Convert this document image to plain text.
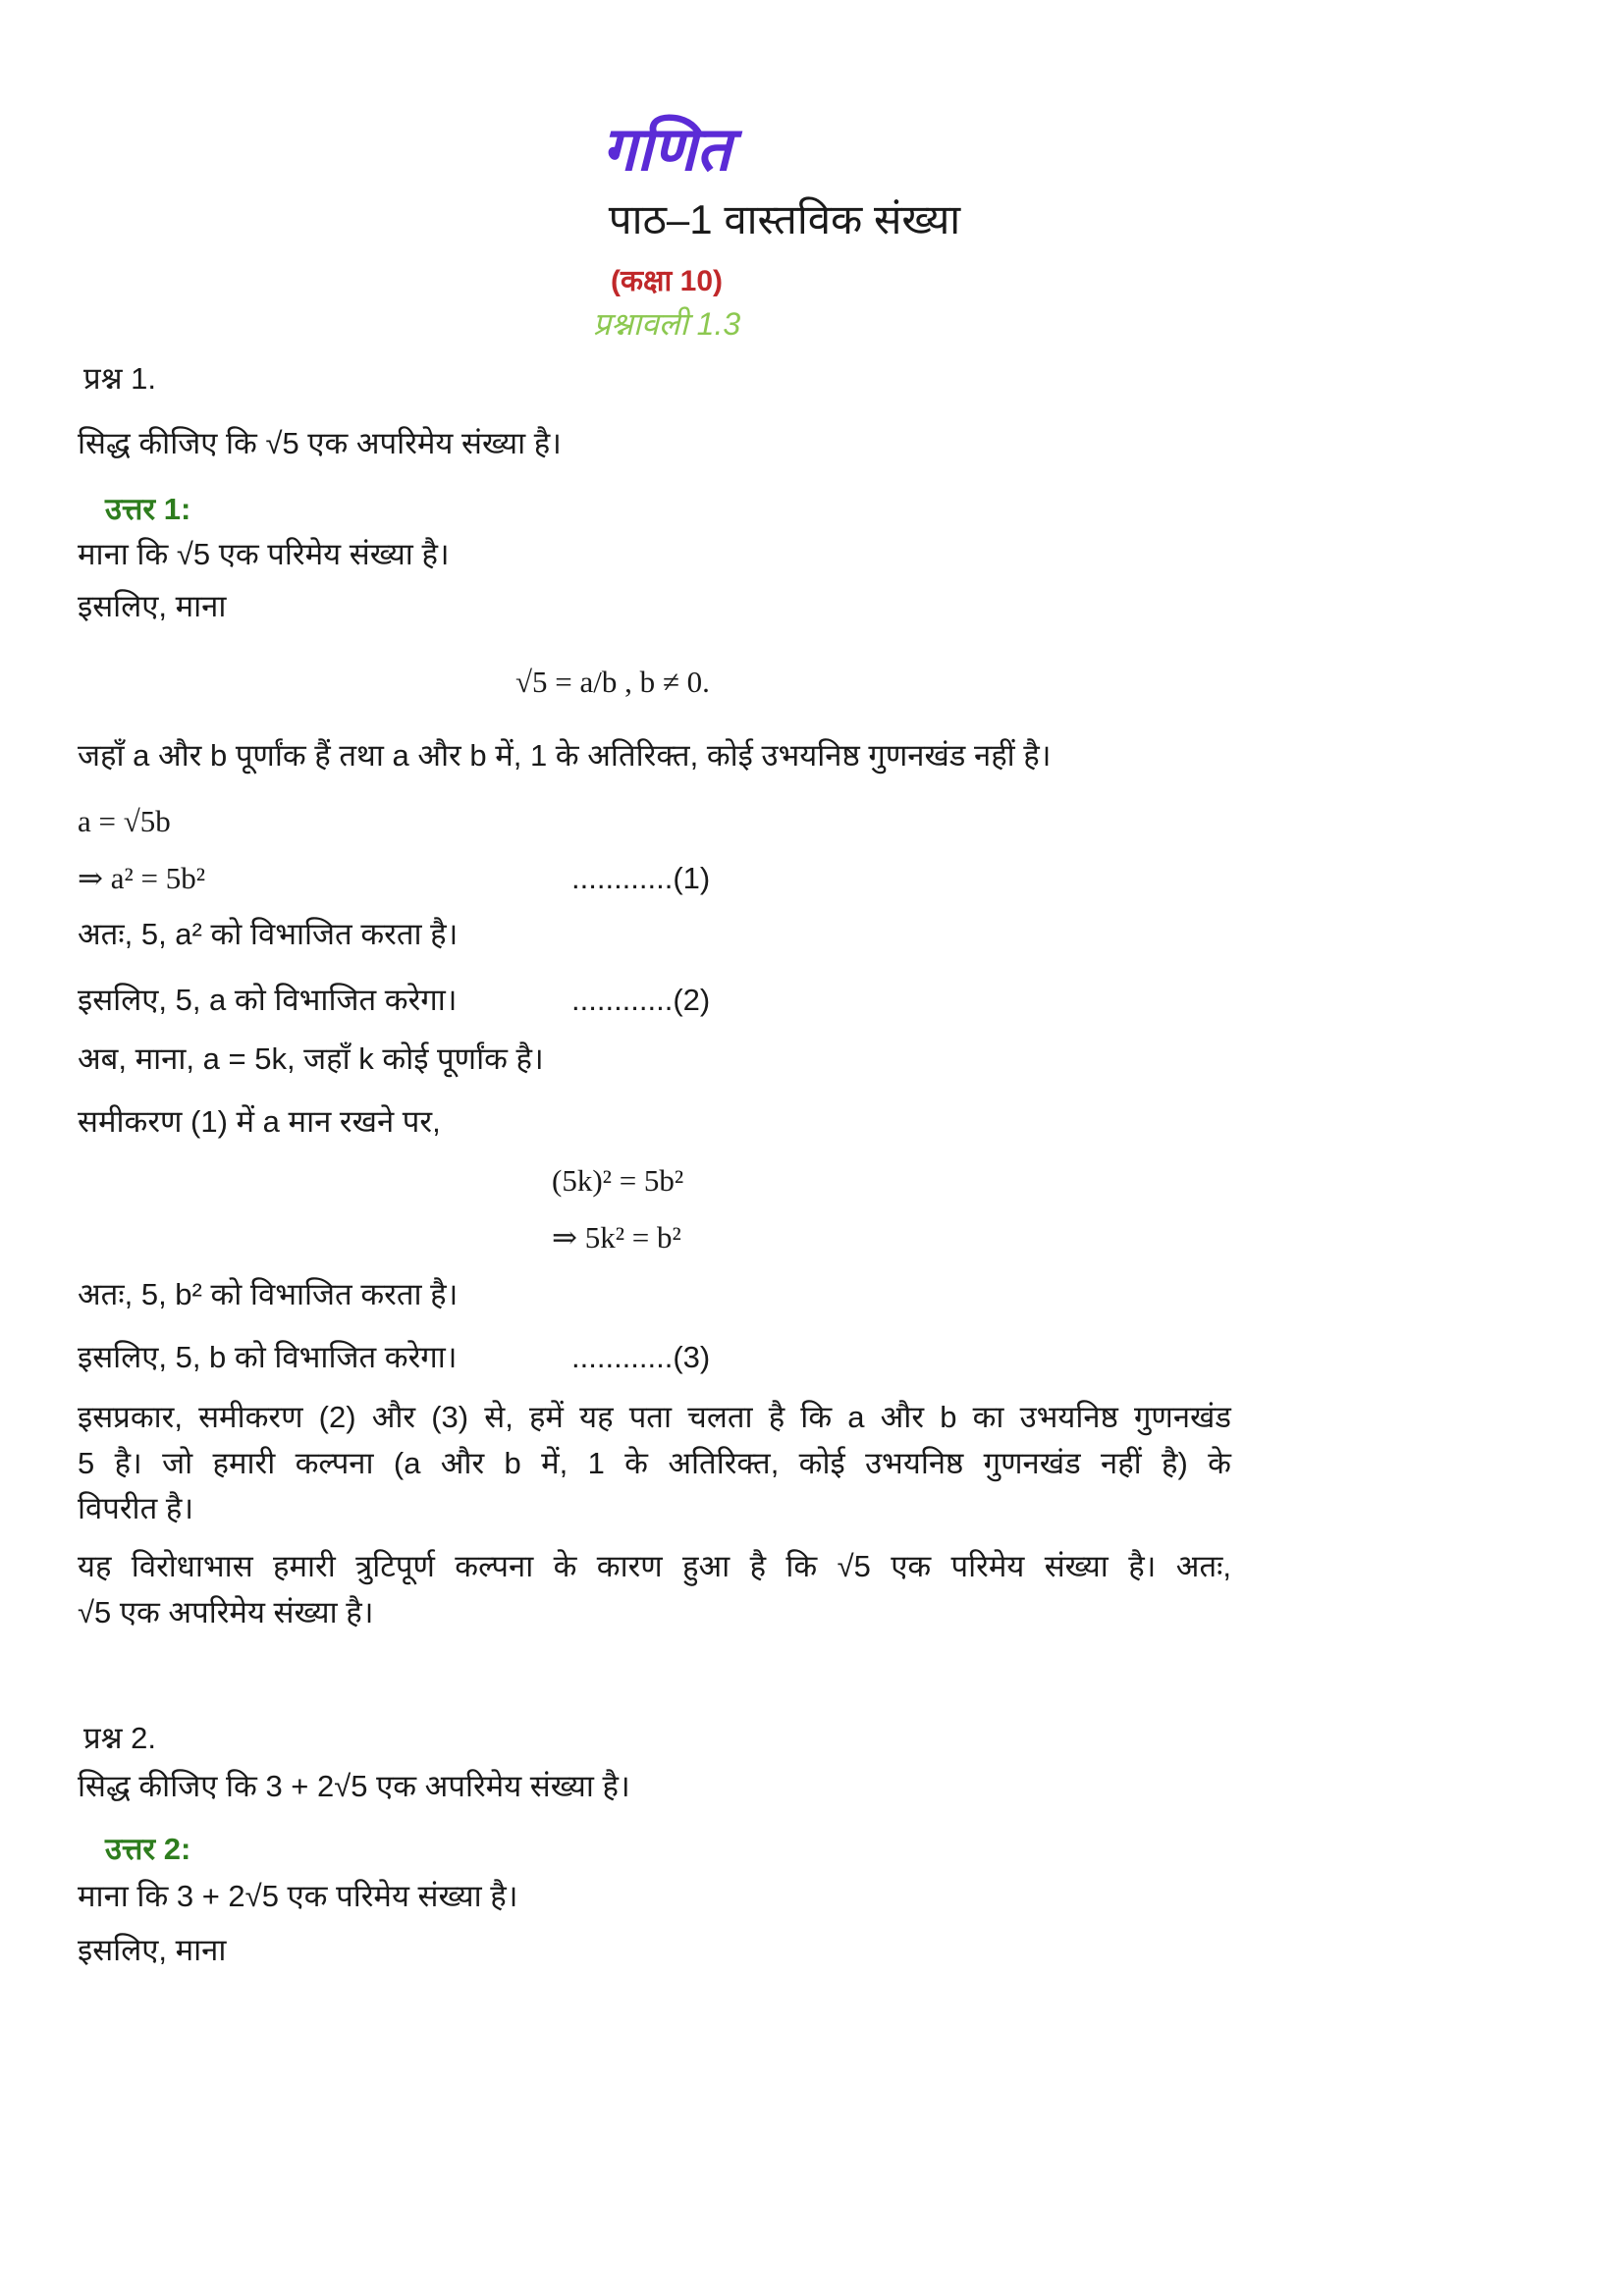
गणित
पाठ–1 वास्तविक संख्या
(कक्षा 10)
प्रश्नावली 1.3
प्रश्न 1.
सिद्ध कीजिए कि √5 एक अपरिमेय संख्या है।
उत्तर 1:
माना कि √5 एक परिमेय संख्या है।
इसलिए, माना
√5 = a/b , b ≠ 0.
जहाँ a और b पूर्णांक हैं तथा a और b में, 1 के अतिरिक्त, कोई उभयनिष्ठ गुणनखंड नहीं है।
a = √5b
⇒ a² = 5b²	............(1)
अतः, 5, a² को विभाजित करता है।
इसलिए, 5, a को विभाजित करेगा।	............(2)
अब, माना, a = 5k, जहाँ k कोई पूर्णांक है।
समीकरण (1) में a मान रखने पर,
(5k)² = 5b²
⇒ 5k² = b²
अतः, 5, b² को विभाजित करता है।
इसलिए, 5, b को विभाजित करेगा।	............(3)
इसप्रकार, समीकरण (2) और (3) से, हमें यह पता चलता है कि a और b का उभयनिष्ठ गुणनखंड
5 है। जो हमारी कल्पना (a और b में, 1 के अतिरिक्त, कोई उभयनिष्ठ गुणनखंड नहीं है) के
विपरीत है।
यह विरोधाभास हमारी त्रुटिपूर्ण कल्पना के कारण हुआ है कि √5 एक परिमेय संख्या है। अतः,
√5 एक अपरिमेय संख्या है।
प्रश्न 2.
सिद्ध कीजिए कि 3 + 2√5 एक अपरिमेय संख्या है।
उत्तर 2:
माना कि 3 + 2√5 एक परिमेय संख्या है।
इसलिए, माना
